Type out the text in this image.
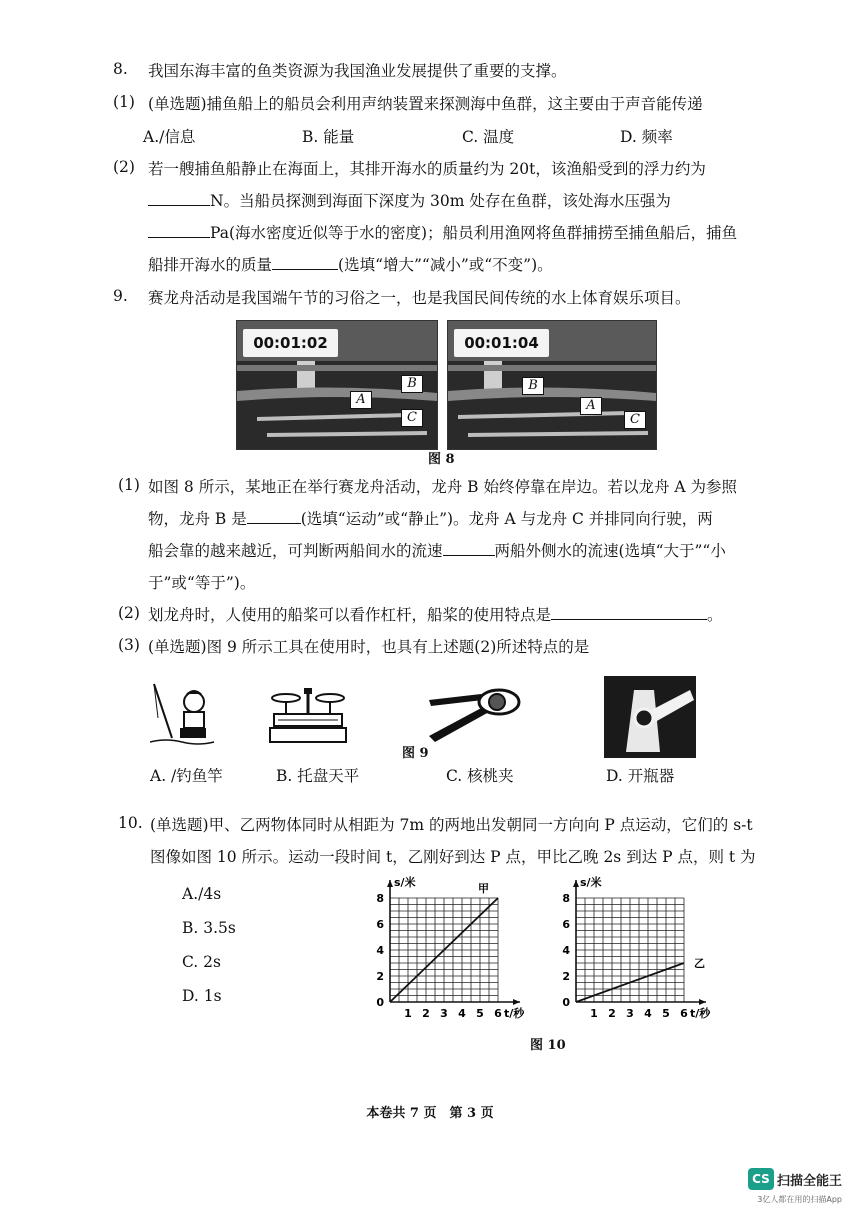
8. 我国东海丰富的鱼类资源为我国渔业发展提供了重要的支撑。
(1) (单选题)捕鱼船上的船员会利用声纳装置来探测海中鱼群，这主要由于声音能传递
A./信息	B. 能量	C. 温度	D. 频率
(2) 若一艘捕鱼船静止在海面上，其排开海水的质量约为 20t，该渔船受到的浮力约为
N。当船员探测到海面下深度为 30m 处存在鱼群，该处海水压强为
Pa(海水密度近似等于水的密度)；船员利用渔网将鱼群捕捞至捕鱼船后，捕鱼
船排开海水的质量	(选填“增大”“减小”或“不变”)。
9. 赛龙舟活动是我国端午节的习俗之一，也是我国民间传统的水上体育娱乐项目。
00:01:02
B
A
C
00:01:04
B
A
C
图 8
(1) 如图 8 所示，某地正在举行赛龙舟活动，龙舟 B 始终停靠在岸边。若以龙舟 A 为参照
物，龙舟 B 是	(选填“运动”或“静止”)。龙舟 A 与龙舟 C 并排同向行驶，两
船会靠的越来越近，可判断两船间水的流速	两船外侧水的流速(选填“大于”“小
于”或“等于”)。
(2) 划龙舟时，人使用的船桨可以看作杠杆，船桨的使用特点是	。
(3) (单选题)图 9 所示工具在使用时，也具有上述题(2)所述特点的是
图 9
A. /钓鱼竿	B. 托盘天平	C. 核桃夹	D. 开瓶器
10. (单选题)甲、乙两物体同时从相距为 7m 的两地出发朝同一方向向 P 点运动，它们的 s-t
图像如图 10 所示。运动一段时间 t，乙刚好到达 P 点，甲比乙晚 2s 到达 P 点，则 t 为
A./4s
B. 3.5s
C. 2s
D. 1s
1 2 3 4 5 6
0
2
4
6
8
s/米
t/秒
甲
1 2 3 4 5 6
0
2
4
6
8
s/米
t/秒
乙
图 10
本卷共 7 页　第 3 页
CS 扫描全能王
3亿人都在用的扫描App
